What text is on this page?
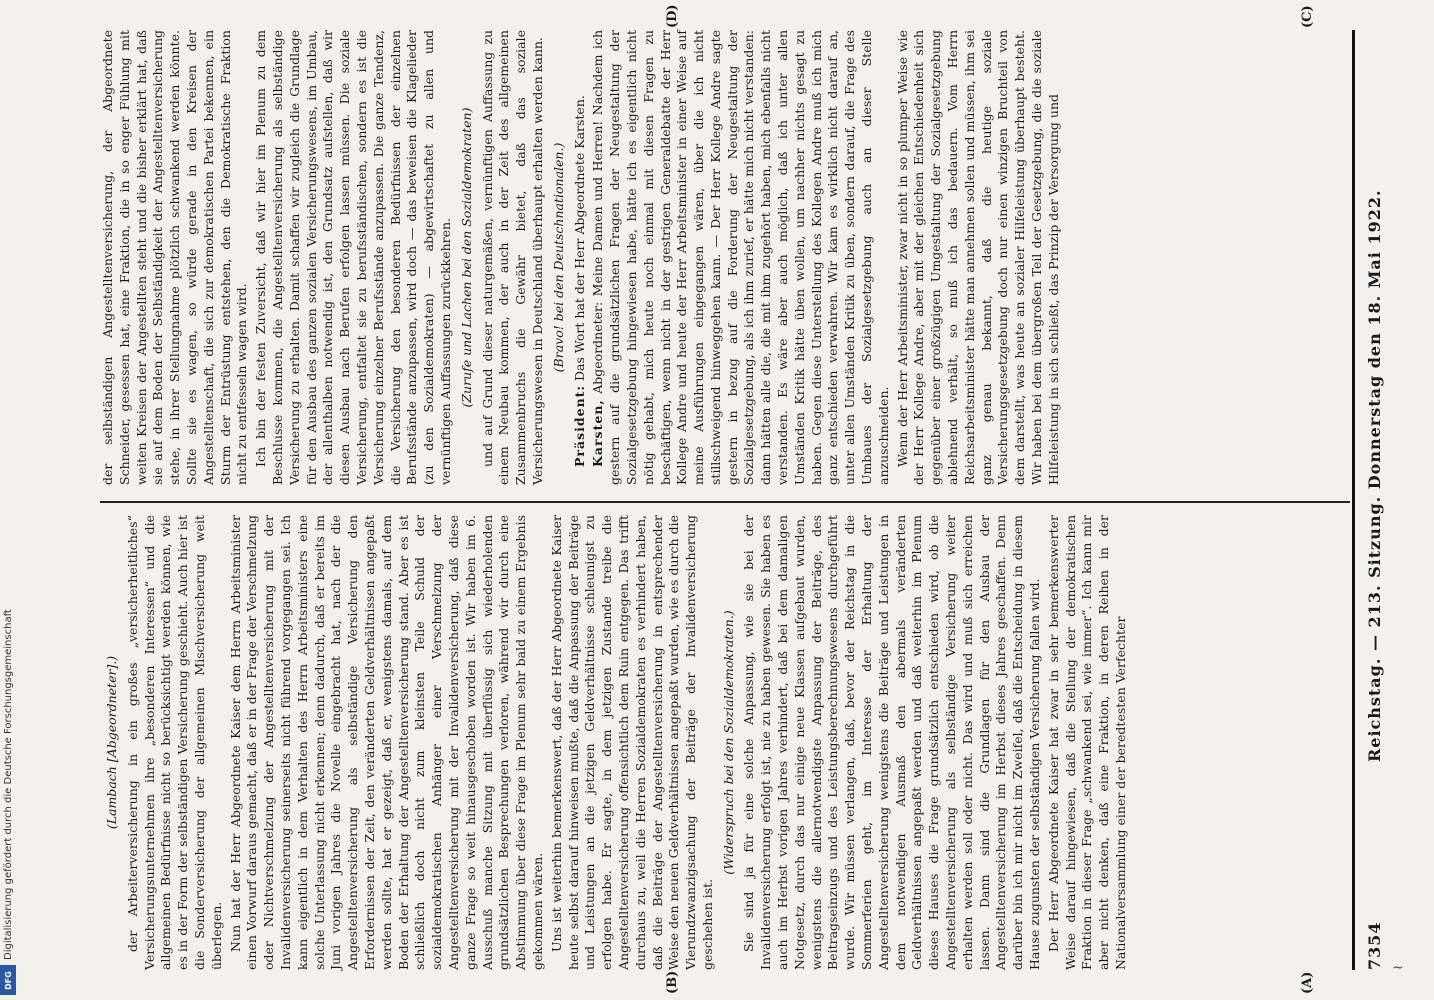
Digitalisierung gefördert durch die Deutsche Forschungsgemeinschaft
DFG
~
7354
Reichstag. — 213. Sitzung. Donnerstag den 18. Mai 1922.
(A)
(B)
(C)
(D)

(Lambach [Abgeordneter].) der Arbeiterversicherung in ein großes „versicherheitliches“ Versicherungsunternehmen ihre „besonderen Interessen“ und die allgemeinen Bedürfnisse nicht so berücksichtigt werden können, wie es in der Form der selbständigen Versicherung geschieht. Auch hier ist die Sonderversicherung der allgemeinen Mischversicherung weit überlegen. Nun hat der Herr Abgeordnete Kaiser dem Herrn Arbeitsminister einen Vorwurf daraus gemacht, daß er in der Frage der Verschmelzung oder Nichtverschmelzung der Angestelltenversicherung mit der Invalidenversicherung seinerseits nicht führend vorgegangen sei. Ich kann eigentlich in dem Verhalten des Herrn Arbeitsministers eine solche Unterlassung nicht erkennen; denn dadurch, daß er bereits im Juni vorigen Jahres die Novelle eingebracht hat, nach der die Angestelltenversicherung als selbständige Versicherung den Erfordernissen der Zeit, den veränderten Geldverhältnissen angepaßt werden sollte, hat er gezeigt, daß er, wenigstens damals, auf dem Boden der Erhaltung der Angestelltenversicherung stand. Aber es ist schließlich doch nicht zum kleinsten Teile Schuld der sozialdemokratischen Anhänger einer Verschmelzung der Angestelltenversicherung mit der Invalidenversicherung, daß diese ganze Frage so weit hinausgeschoben worden ist. Wir haben im 6. Ausschuß manche Sitzung mit überflüssig sich wiederholenden grundsätzlichen Besprechungen verloren, während wir durch eine Abstimmung über diese Frage im Plenum sehr bald zu einem Ergebnis gekommen wären. Uns ist weiterhin bemerkenswert, daß der Herr Abgeordnete Kaiser heute selbst darauf hinweisen mußte, daß die Anpassung der Beiträge und Leistungen an die jetzigen Geldverhältnisse schleunigst zu erfolgen habe. Er sagte, in dem jetzigen Zustande treibe die Angestelltenversicherung offensichtlich dem Ruin entgegen. Das trifft durchaus zu, weil die Herren Sozialdemokraten es verhindert haben, daß die Beiträge der Angestelltenversicherung in entsprechender Weise den neuen Geldverhältnissen angepaßt wurden, wie es durch die Vierundzwanzigsachung der Beiträge der Invalidenversicherung geschehen ist.

(Widerspruch bei den Sozialdemokraten.) Sie sind ja für eine solche Anpassung, wie sie bei der Invalidenversicherung erfolgt ist, nie zu haben gewesen. Sie haben es auch im Herbst vorigen Jahres verhindert, daß bei dem damaligen Notgesetz, durch das nur einige neue Klassen aufgebaut wurden, wenigstens die allernotwendigste Anpassung der Beiträge, des Beitragseinzugs und des Leistungsberechnungswesens durchgeführt wurde. Wir müssen verlangen, daß, bevor der Reichstag in die Sommerferien geht, im Interesse der Erhaltung der Angestelltenversicherung wenigstens die Beiträge und Leistungen in dem notwendigen Ausmaß den abermals veränderten Geldverhältnissen angepaßt werden und daß weiterhin im Plenum dieses Hauses die Frage grundsätzlich entschieden wird, ob die Angestelltenversicherung als selbständige Versicherung weiter erhalten werden soll oder nicht. Das wird und muß sich erreichen lassen. Dann sind die Grundlagen für den Ausbau der Angestelltenversicherung im Herbst dieses Jahres geschaffen. Denn darüber bin ich mir nicht im Zweifel, daß die Entscheidung in diesem Hause zugunsten der selbständigen Versicherung fallen wird. Der Herr Abgeordnete Kaiser hat zwar in sehr bemerkenswerter Weise darauf hingewiesen, daß die Stellung der demokratischen Fraktion in dieser Frage „schwankend sei, wie immer“. Ich kann mir aber nicht denken, daß eine Fraktion, in deren Reihen in der Nationalversammlung einer der beredtesten Verfechter

der selbständigen Angestelltenversicherung, der Abgeordnete Schneider, gesessen hat, eine Fraktion, die in so enger Fühlung mit weiten Kreisen der Angestellten steht und die bisher erklärt hat, daß sie auf dem Boden der Selbständigkeit der Angestelltenversicherung stehe, in ihrer Stellungnahme plötzlich schwankend werden könnte. Sollte sie es wagen, so würde gerade in den Kreisen der Angestelltenschaft, die sich zur demokratischen Partei bekennen, ein Sturm der Entrüstung entstehen, den die Demokratische Fraktion nicht zu entfesseln wagen wird. Ich bin der festen Zuversicht, daß wir hier im Plenum zu dem Beschlusse kommen, die Angestelltenversicherung als selbständige Versicherung zu erhalten. Damit schaffen wir zugleich die Grundlage für den Ausbau des ganzen sozialen Versicherungswesens, im Umbau, der allenthalben notwendig ist, den Grundsatz aufstellen, daß wir diesen Ausbau nach Berufen erfolgen lassen müssen. Die soziale Versicherung, entfaltet sie zu berufsständischen, sondern es ist die Versicherung einzelner Berufsstände anzupassen. Die ganze Tendenz, die Versicherung den besonderen Bedürfnissen der einzelnen Berufsstände anzupassen, wird doch — das beweisen die Klagelieder (zu den Sozialdemokraten) — abgewirtschaftet zu allen und vernünftigen Auffassungen zurückkehren. (Zurufe und Lachen bei den Sozialdemokraten) und auf Grund dieser naturgemäßen, vernünftigen Auffassung zu einem Neubau kommen, der auch in der Zeit des allgemeinen Zusammenbruchs die Gewähr bietet, daß das soziale Versicherungswesen in Deutschland überhaupt erhalten werden kann. (Bravo! bei den Deutschnationalen.)

Präsident: Das Wort hat der Herr Abgeordnete Karsten.

Karsten, Abgeordneter: Meine Damen und Herren! Nachdem ich gestern auf die grundsätzlichen Fragen der Neugestaltung der Sozialgesetzgebung hingewiesen habe, hätte ich es eigentlich nicht nötig gehabt, mich heute noch einmal mit diesen Fragen zu beschäftigen, wenn nicht in der gestrigen Generaldebatte der Herr Kollege Andre und heute der Herr Arbeitsminister in einer Weise auf meine Ausführungen eingegangen wären, über die ich nicht stillschweigend hinweggehen kann. — Der Herr Kollege Andre sagte gestern in bezug auf die Forderung der Neugestaltung der Sozialgesetzgebung, als ich ihm zurief, er hätte mich nicht verstanden: dann hätten alle die, die mit ihm zugehört haben, mich ebenfalls nicht verstanden. Es wäre aber auch möglich, daß ich unter allen Umständen Kritik hätte üben wollen, um nachher nichts gesagt zu haben. Gegen diese Unterstellung des Kollegen Andre muß ich mich ganz entschieden verwahren. Wir kam es wirklich nicht darauf an, unter allen Umständen Kritik zu üben, sondern darauf, die Frage des Umbaues der Sozialgesetzgebung auch an dieser Stelle anzuschneiden. Wenn der Herr Arbeitsminister, zwar nicht in so plumper Weise wie der Herr Kollege Andre, aber mit der gleichen Entschiedenheit sich gegenüber einer großzügigen Umgestaltung der Sozialgesetzgebung ablehnend verhält, so muß ich das bedauern. Vom Herrn Reichsarbeitsminister hätte man annehmen sollen und müssen, ihm sei ganz genau bekannt, daß die heutige soziale Versicherungsgesetzgebung doch nur einen winzigen Bruchteil von dem darstellt, was heute an sozialer Hilfeleistung überhaupt besteht. Wir haben bei dem übergroßen Teil der Gesetzgebung, die die soziale Hilfeleistung in sich schließt, das Prinzip der Versorgung und
